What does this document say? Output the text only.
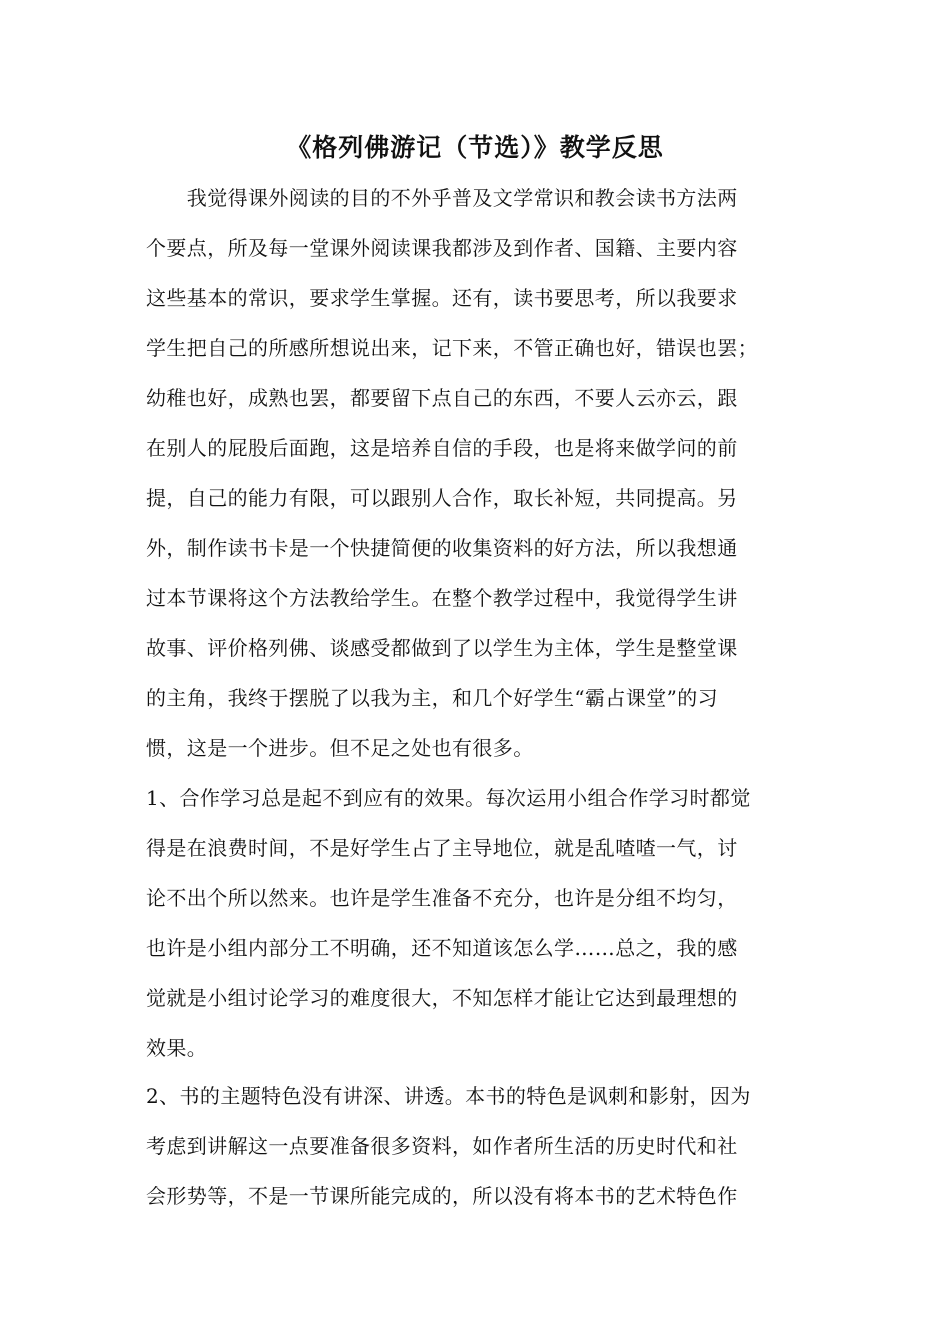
《格列佛游记（节选）》教学反思
　　我觉得课外阅读的目的不外乎普及文学常识和教会读书方法两
个要点，所及每一堂课外阅读课我都涉及到作者、国籍、主要内容
这些基本的常识，要求学生掌握。还有，读书要思考，所以我要求
学生把自己的所感所想说出来，记下来，不管正确也好，错误也罢；
幼稚也好，成熟也罢，都要留下点自己的东西，不要人云亦云，跟
在别人的屁股后面跑，这是培养自信的手段，也是将来做学问的前
提，自己的能力有限，可以跟别人合作，取长补短，共同提高。另
外，制作读书卡是一个快捷简便的收集资料的好方法，所以我想通
过本节课将这个方法教给学生。在整个教学过程中，我觉得学生讲
故事、评价格列佛、谈感受都做到了以学生为主体，学生是整堂课
的主角，我终于摆脱了以我为主，和几个好学生“霸占课堂”的习
惯，这是一个进步。但不足之处也有很多。
1、合作学习总是起不到应有的效果。每次运用小组合作学习时都觉
得是在浪费时间，不是好学生占了主导地位，就是乱喳喳一气，讨
论不出个所以然来。也许是学生准备不充分，也许是分组不均匀，
也许是小组内部分工不明确，还不知道该怎么学……总之，我的感
觉就是小组讨论学习的难度很大，不知怎样才能让它达到最理想的
效果。
2、书的主题特色没有讲深、讲透。本书的特色是讽刺和影射，因为
考虑到讲解这一点要准备很多资料，如作者所生活的历史时代和社
会形势等，不是一节课所能完成的，所以没有将本书的艺术特色作
